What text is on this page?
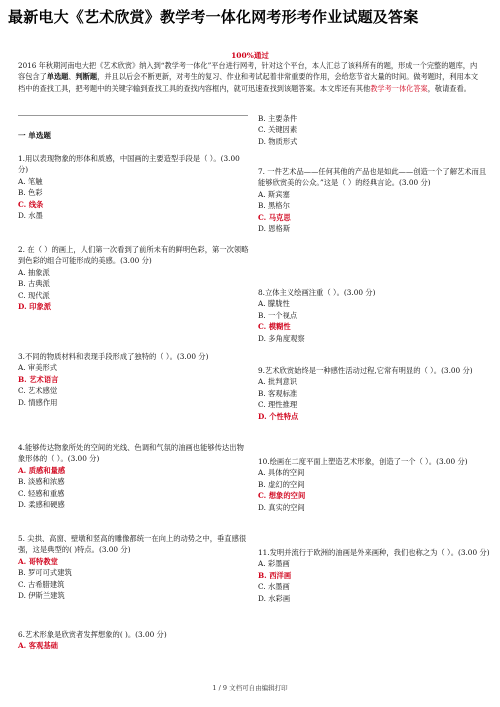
最新电大《艺术欣赏》教学考一体化网考形考作业试题及答案
100%通过
2016 年秋期河南电大把《艺术欣赏》纳入到“教学考一体化”平台进行网考，针对这个平台，本人汇总了该科所有的题，形成一个完整的题库，内容包含了单选题、判断题，并且以后会不断更新，对考生的复习、作业和考试起着非常重要的作用，会给您节省大量的时间。做考题时，利用本文档中的查找工具，把考题中的关键字输到查找工具的查找内容框内，就可迅速查找到该题答案。本文库还有其他教学考一体化答案，敬请查看。
一 单选题
1.用以表现物象的形体和质感，中国画的主要造型手段是（ ）。(3.00 分)
A. 笔触
B. 色彩
C. 线条
D. 水墨
2. 在（ ）的画上，人们第一次看到了前所未有的鲜明色彩，第一次领略到色彩的组合可能形成的美感。(3.00 分)
A. 抽象派
B. 古典派
C. 现代派
D. 印象派
3.不同的物质材料和表现手段形成了独特的（ ）。(3.00 分)
A. 审美形式
B. 艺术语言
C. 艺术感觉
D. 情感作用
4.能够传达物象所处的空间的光线、色调和气氛的油画也能够传达出物象形体的（ ）。(3.00 分)
A. 质感和量感
B. 淡感和浓感
C. 轻感和重感
D. 柔感和硬感
5. 尖拱、高窗、壁墩和竖高的雕像都统一在向上的动势之中，垂直感很强，这是典型的( )特点。(3.00 分)
A. 哥特教堂
B. 罗可可式建筑
C. 古希腊建筑
D. 伊斯兰建筑
6.艺术形象是欣赏者发挥想象的( )。(3.00 分)
A. 客观基础
B. 主要条件
C. 关键因素
D. 物质形式
7. 一件艺术品——任何其他的产品也是如此——创造一个了解艺术而且能够欣赏美的公众。”这是（ ）的经典言论。(3.00 分)
A. 斯宾塞
B. 黑格尔
C. 马克思
D. 恩格斯
8.立体主义绘画注重（ ）。(3.00 分)
A. 朦胧性
B. 一个视点
C. 模糊性
D. 多角度观察
9.艺术欣赏始终是一种感性活动过程,它常有明显的（ ）。(3.00 分)
A. 批判意识
B. 客观标准
C. 理性推理
D. 个性特点
10.绘画在二度平面上塑造艺术形象，创造了一个（ ）。(3.00 分)
A. 具体的空间
B. 虚幻的空间
C. 想象的空间
D. 真实的空间
11.发明并流行于欧洲的油画是外来画种，我们也称之为（ ）。(3.00 分)
A. 彩墨画
B. 西洋画
C. 水墨画
D. 水彩画
1 / 9 文档可自由编辑打印
